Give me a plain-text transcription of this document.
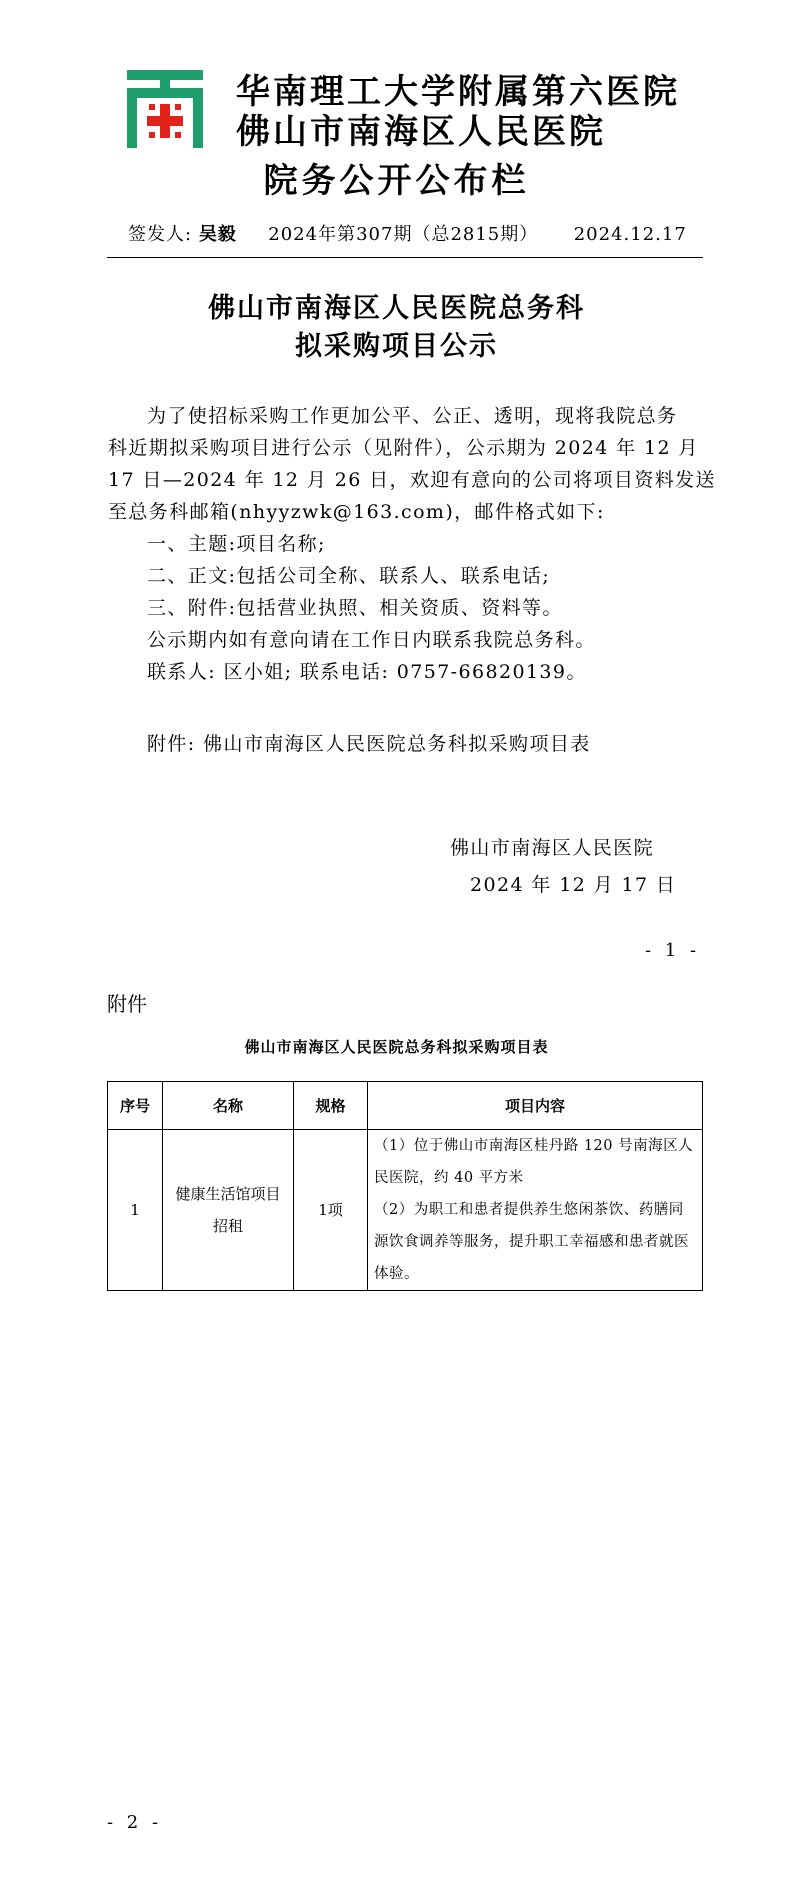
华南理工大学附属第六医院
佛山市南海区人民医院
院务公开公布栏
签发人: 吴毅 2024年第307期（总2815期） 2024.12.17
佛山市南海区人民医院总务科
拟采购项目公示
为了使招标采购工作更加公平、公正、透明，现将我院总务
科近期拟采购项目进行公示（见附件），公示期为 2024 年 12 月
17 日—2024 年 12 月 26 日，欢迎有意向的公司将项目资料发送
至总务科邮箱(nhyyzwk@163.com)，邮件格式如下:
一、主题:项目名称;
二、正文:包括公司全称、联系人、联系电话;
三、附件:包括营业执照、相关资质、资料等。
公示期内如有意向请在工作日内联系我院总务科。
联系人: 区小姐; 联系电话: 0757-66820139。
附件: 佛山市南海区人民医院总务科拟采购项目表
佛山市南海区人民医院
2024 年 12 月 17 日
- 1 -
附件
佛山市南海区人民医院总务科拟采购项目表
序号	名称	规格	项目内容
1	健康生活馆项目招租	1项	（1）位于佛山市南海区桂丹路 120 号南海区人民医院，约 40 平方米
（2）为职工和患者提供养生悠闲茶饮、药膳同源饮食调养等服务，提升职工幸福感和患者就医体验。
- 2 -
